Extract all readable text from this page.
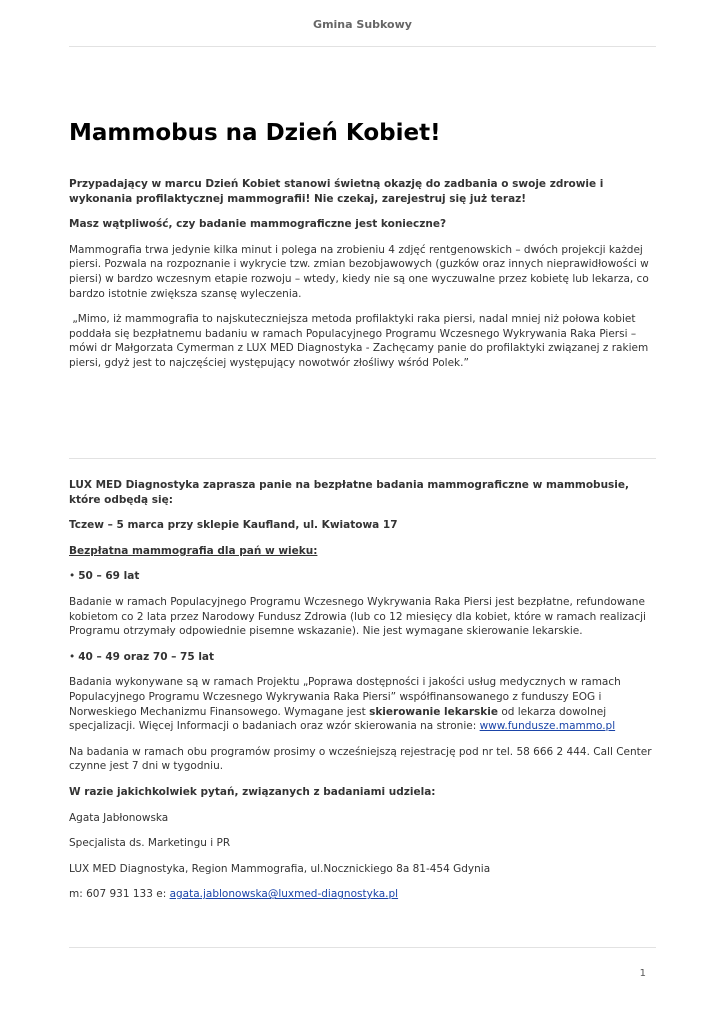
Gmina Subkowy
Mammobus na Dzień Kobiet!

Przypadający w marcu Dzień Kobiet stanowi świetną okazję do zadbania o swoje zdrowie i wykonania profilaktycznej mammografii! Nie czekaj, zarejestruj się już teraz!

Masz wątpliwość, czy badanie mammograficzne jest konieczne?

Mammografia trwa jedynie kilka minut i polega na zrobieniu 4 zdjęć rentgenowskich – dwóch projekcji każdej piersi. Pozwala na rozpoznanie i wykrycie tzw. zmian bezobjawowych (guzków oraz innych nieprawidłowości w piersi) w bardzo wczesnym etapie rozwoju – wtedy, kiedy nie są one wyczuwalne przez kobietę lub lekarza, co bardzo istotnie zwiększa szansę wyleczenia.

„Mimo, iż mammografia to najskuteczniejsza metoda profilaktyki raka piersi, nadal mniej niż połowa kobiet poddała się bezpłatnemu badaniu w ramach Populacyjnego Programu Wczesnego Wykrywania Raka Piersi – mówi dr Małgorzata Cymerman z LUX MED Diagnostyka - Zachęcamy panie do profilaktyki związanej z rakiem piersi, gdyż jest to najczęściej występujący nowotwór złośliwy wśród Polek.”

LUX MED Diagnostyka zaprasza panie na bezpłatne badania mammograficzne w mammobusie, które odbędą się:

Tczew – 5 marca przy sklepie Kaufland, ul. Kwiatowa 17

Bezpłatna mammografia dla pań w wieku:

• 50 – 69 lat

Badanie w ramach Populacyjnego Programu Wczesnego Wykrywania Raka Piersi jest bezpłatne, refundowane kobietom co 2 lata przez Narodowy Fundusz Zdrowia (lub co 12 miesięcy dla kobiet, które w ramach realizacji Programu otrzymały odpowiednie pisemne wskazanie). Nie jest wymagane skierowanie lekarskie.

• 40 – 49 oraz 70 – 75 lat

Badania wykonywane są w ramach Projektu „Poprawa dostępności i jakości usług medycznych w ramach Populacyjnego Programu Wczesnego Wykrywania Raka Piersi” współfinansowanego z funduszy EOG i Norweskiego Mechanizmu Finansowego. Wymagane jest skierowanie lekarskie od lekarza dowolnej specjalizacji. Więcej Informacji o badaniach oraz wzór skierowania na stronie: www.fundusze.mammo.pl

Na badania w ramach obu programów prosimy o wcześniejszą rejestrację pod nr tel. 58 666 2 444. Call Center czynne jest 7 dni w tygodniu.

W razie jakichkolwiek pytań, związanych z badaniami udziela:

Agata Jabłonowska

Specjalista ds. Marketingu i PR

LUX MED Diagnostyka, Region Mammografia, ul.Nocznickiego 8a 81-454 Gdynia

m: 607 931 133 e: agata.jablonowska@luxmed-diagnostyka.pl

1
